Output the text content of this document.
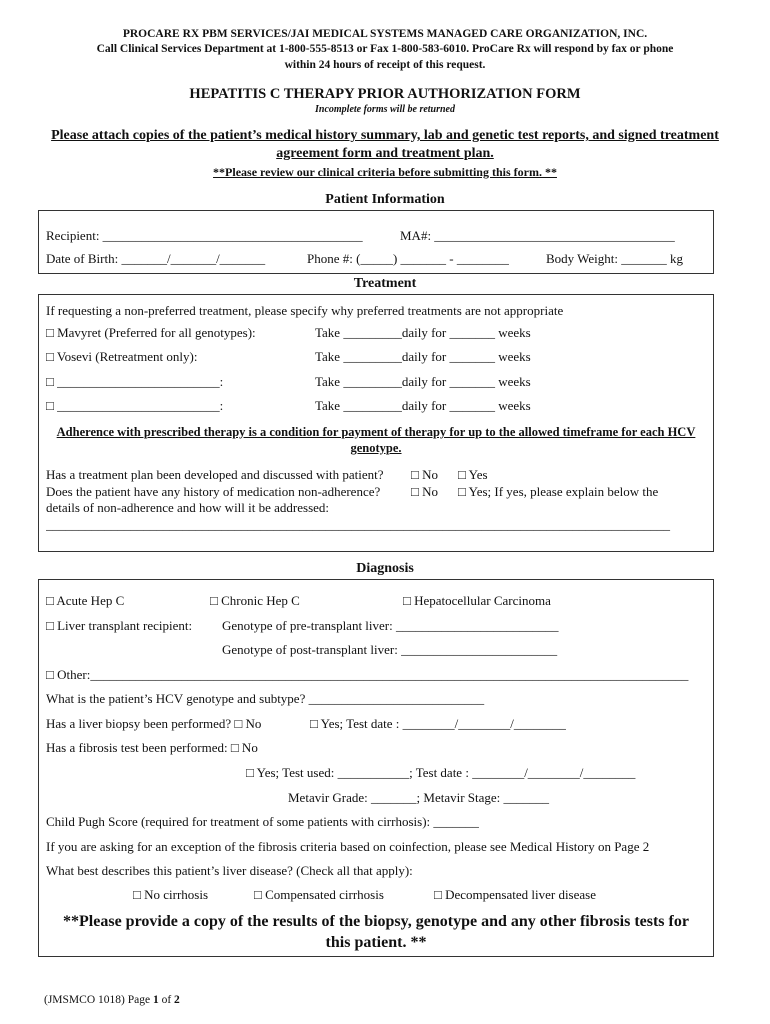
PROCARE RX PBM SERVICES/JAI MEDICAL SYSTEMS MANAGED CARE ORGANIZATION, INC.
Call Clinical Services Department at 1-800-555-8513 or Fax 1-800-583-6010. ProCare Rx will respond by fax or phone
within 24 hours of receipt of this request.
HEPATITIS C THERAPY PRIOR AUTHORIZATION FORM
Incomplete forms will be returned
Please attach copies of the patient’s medical history summary, lab and genetic test reports, and signed treatment agreement form and treatment plan.
**Please review our clinical criteria before submitting this form. **
Patient Information
Recipient: ________________________________________	MA#: _____________________________________
Date of Birth: _______/_______/_______	Phone #: (_____) _______ - ________	Body Weight: _______ kg
Treatment
If requesting a non-preferred treatment, please specify why preferred treatments are not appropriate
□ Mavyret (Preferred for all genotypes):	Take _________daily for _______ weeks
□ Vosevi (Retreatment only):	Take _________daily for _______ weeks
□ _________________________:	Take _________daily for _______ weeks
□ _________________________:	Take _________daily for _______ weeks
Adherence with prescribed therapy is a condition for payment of therapy for up to the allowed timeframe for each HCV genotype.
Has a treatment plan been developed and discussed with patient? □ No □ Yes
Does the patient have any history of medication non-adherence? □ No □ Yes; If yes, please explain below the
details of non-adherence and how will it be addressed:
________________________________________________________________________________________________
Diagnosis
□ Acute Hep C	□ Chronic Hep C	□ Hepatocellular Carcinoma
□ Liver transplant recipient: Genotype of pre-transplant liver: _________________________
Genotype of post-transplant liver: ________________________
□ Other:____________________________________________________________________________________________
What is the patient’s HCV genotype and subtype? ___________________________
Has a liver biopsy been performed? □ No	□ Yes; Test date : ________/________/________
Has a fibrosis test been performed: □ No
□ Yes; Test used: ___________; Test date : ________/________/________
Metavir Grade: _______; Metavir Stage: _______
Child Pugh Score (required for treatment of some patients with cirrhosis): _______
If you are asking for an exception of the fibrosis criteria based on coinfection, please see Medical History on Page 2
What best describes this patient’s liver disease? (Check all that apply):
□ No cirrhosis	□ Compensated cirrhosis	□ Decompensated liver disease
**Please provide a copy of the results of the biopsy, genotype and any other fibrosis tests for this patient. **
(JMSMCO 1018) Page 1 of 2
